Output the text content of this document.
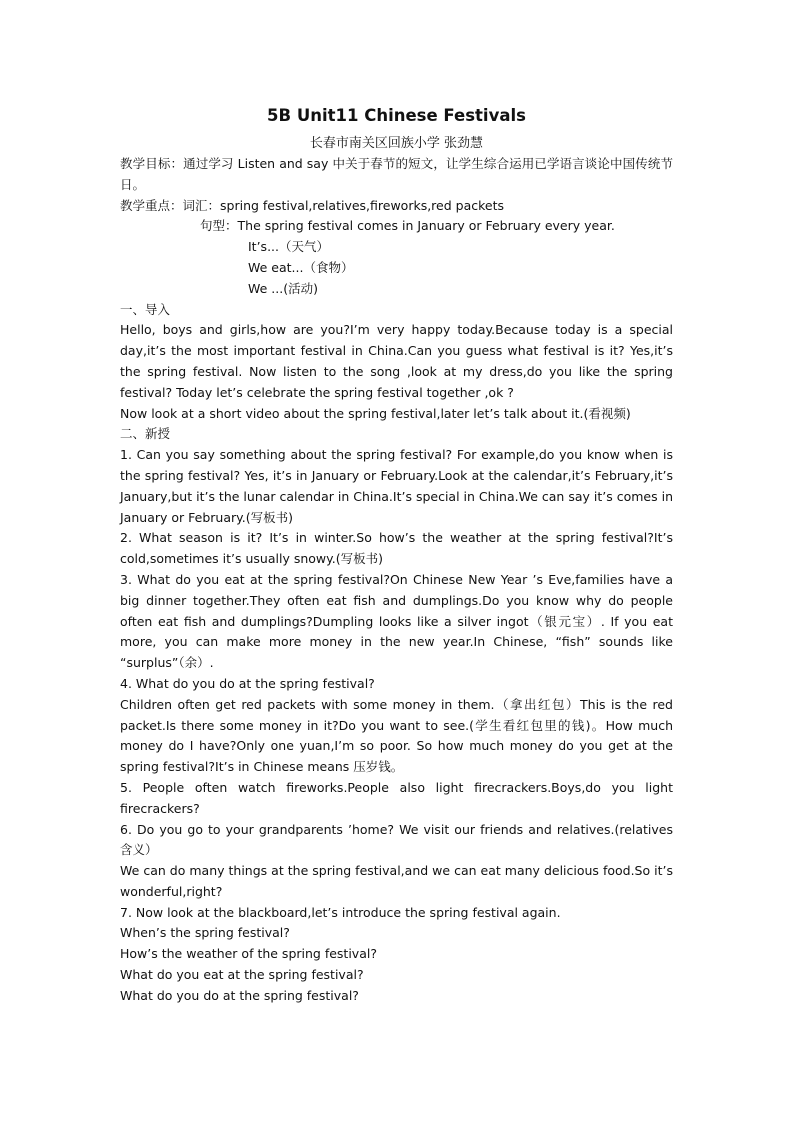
5B Unit11 Chinese Festivals
长春市南关区回族小学 张劲慧

教学目标：通过学习 Listen and say 中关于春节的短文，让学生综合运用已学语言谈论中国传统节日。

教学重点：词汇： spring festival,relatives,fireworks,red packets
句型： The spring festival comes in January or February every year.
It’s...（天气）
We eat...（食物）
We ...(活动)
一、导入

Hello, boys and girls,how are you?I’m very happy today.Because today is a special day,it’s the most important festival in China.Can you guess what festival is it? Yes,it’s the spring festival. Now listen to the song ,look at my dress,do you like the spring festival? Today let’s celebrate the spring festival together ,ok ?

Now look at a short video about the spring festival,later let’s talk about it.(看视频)

二、新授

1. Can you say something about the spring festival? For example,do you know when is the spring festival? Yes, it’s in January or February.Look at the calendar,it’s February,it’s January,but it’s the lunar calendar in China.It’s special in China.We can say it’s comes in January or February.(写板书)

2. What season is it? It’s in winter.So how’s the weather at the spring festival?It’s cold,sometimes it’s usually snowy.(写板书)

3. What do you eat at the spring festival?On Chinese New Year ’s Eve,families have a big dinner together.They often eat fish and dumplings.Do you know why do people often eat fish and dumplings?Dumpling looks like a silver ingot（银元宝）. If you eat more, you can make more money in the new year.In Chinese, “fish” sounds like “surplus”（余）.

4. What do you do at the spring festival?

Children often get red packets with some money in them.（拿出红包）This is the red packet.Is there some money in it?Do you want to see.(学生看红包里的钱)。How much money do I have?Only one yuan,I’m so poor. So how much money do you get at the spring festival?It’s in Chinese means 压岁钱。

5. People often watch fireworks.People also light firecrackers.Boys,do you light firecrackers?

6. Do you go to your grandparents ’home? We visit our friends and relatives.(relatives 含义）

We can do many things at the spring festival,and we can eat many delicious food.So it’s wonderful,right?

7. Now look at the blackboard,let’s introduce the spring festival again.

When’s the spring festival?
How’s the weather of the spring festival?
What do you eat at the spring festival?
What do you do at the spring festival?
